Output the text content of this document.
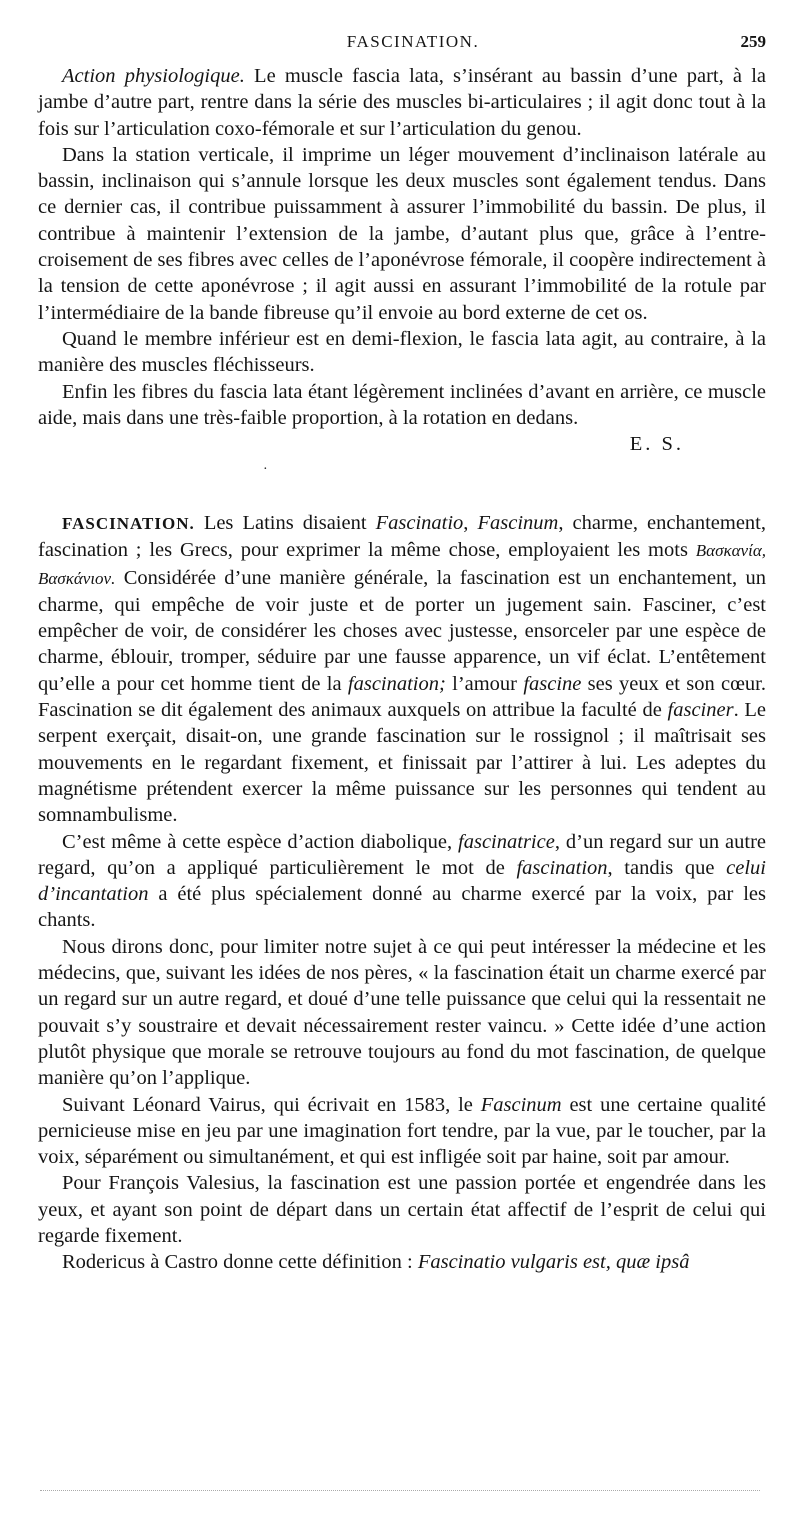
FASCINATION.	259

Action physiologique. Le muscle fascia lata, s’insérant au bassin d’une part, à la jambe d’autre part, rentre dans la série des muscles bi-articulaires ; il agit donc tout à la fois sur l’articulation coxo-fémorale et sur l’articulation du genou.

Dans la station verticale, il imprime un léger mouvement d’inclinaison latérale au bassin, inclinaison qui s’annule lorsque les deux muscles sont également tendus. Dans ce dernier cas, il contribue puissamment à assurer l’immobilité du bassin. De plus, il contribue à maintenir l’extension de la jambe, d’autant plus que, grâce à l’entre-croisement de ses fibres avec celles de l’aponévrose fémorale, il coopère indirectement à la tension de cette aponévrose ; il agit aussi en assurant l’immobilité de la rotule par l’intermédiaire de la bande fibreuse qu’il envoie au bord externe de cet os.

Quand le membre inférieur est en demi-flexion, le fascia lata agit, au contraire, à la manière des muscles fléchisseurs.

Enfin les fibres du fascia lata étant légèrement inclinées d’avant en arrière, ce muscle aide, mais dans une très-faible proportion, à la rotation en dedans.

E. S.

·

FASCINATION. Les Latins disaient Fascinatio, Fascinum, charme, enchantement, fascination ; les Grecs, pour exprimer la même chose, employaient les mots Βασκανία, Βασκάνιον. Considérée d’une manière générale, la fascination est un enchantement, un charme, qui empêche de voir juste et de porter un jugement sain. Fasciner, c’est empêcher de voir, de considérer les choses avec justesse, ensorceler par une espèce de charme, éblouir, tromper, séduire par une fausse apparence, un vif éclat. L’entêtement qu’elle a pour cet homme tient de la fascination; l’amour fascine ses yeux et son cœur. Fascination se dit également des animaux auxquels on attribue la faculté de fasciner. Le serpent exerçait, disait-on, une grande fascination sur le rossignol ; il maîtrisait ses mouvements en le regardant fixement, et finissait par l’attirer à lui. Les adeptes du magnétisme prétendent exercer la même puissance sur les personnes qui tendent au somnambulisme.

C’est même à cette espèce d’action diabolique, fascinatrice, d’un regard sur un autre regard, qu’on a appliqué particulièrement le mot de fascination, tandis que celui d’incantation a été plus spécialement donné au charme exercé par la voix, par les chants.

Nous dirons donc, pour limiter notre sujet à ce qui peut intéresser la médecine et les médecins, que, suivant les idées de nos pères, « la fascination était un charme exercé par un regard sur un autre regard, et doué d’une telle puissance que celui qui la ressentait ne pouvait s’y soustraire et devait nécessairement rester vaincu. » Cette idée d’une action plutôt physique que morale se retrouve toujours au fond du mot fascination, de quelque manière qu’on l’applique.

Suivant Léonard Vairus, qui écrivait en 1583, le Fascinum est une certaine qualité pernicieuse mise en jeu par une imagination fort tendre, par la vue, par le toucher, par la voix, séparément ou simultanément, et qui est infligée soit par haine, soit par amour.

Pour François Valesius, la fascination est une passion portée et engendrée dans les yeux, et ayant son point de départ dans un certain état affectif de l’esprit de celui qui regarde fixement.

Rodericus à Castro donne cette définition : Fascinatio vulgaris est, quæ ipsâ
